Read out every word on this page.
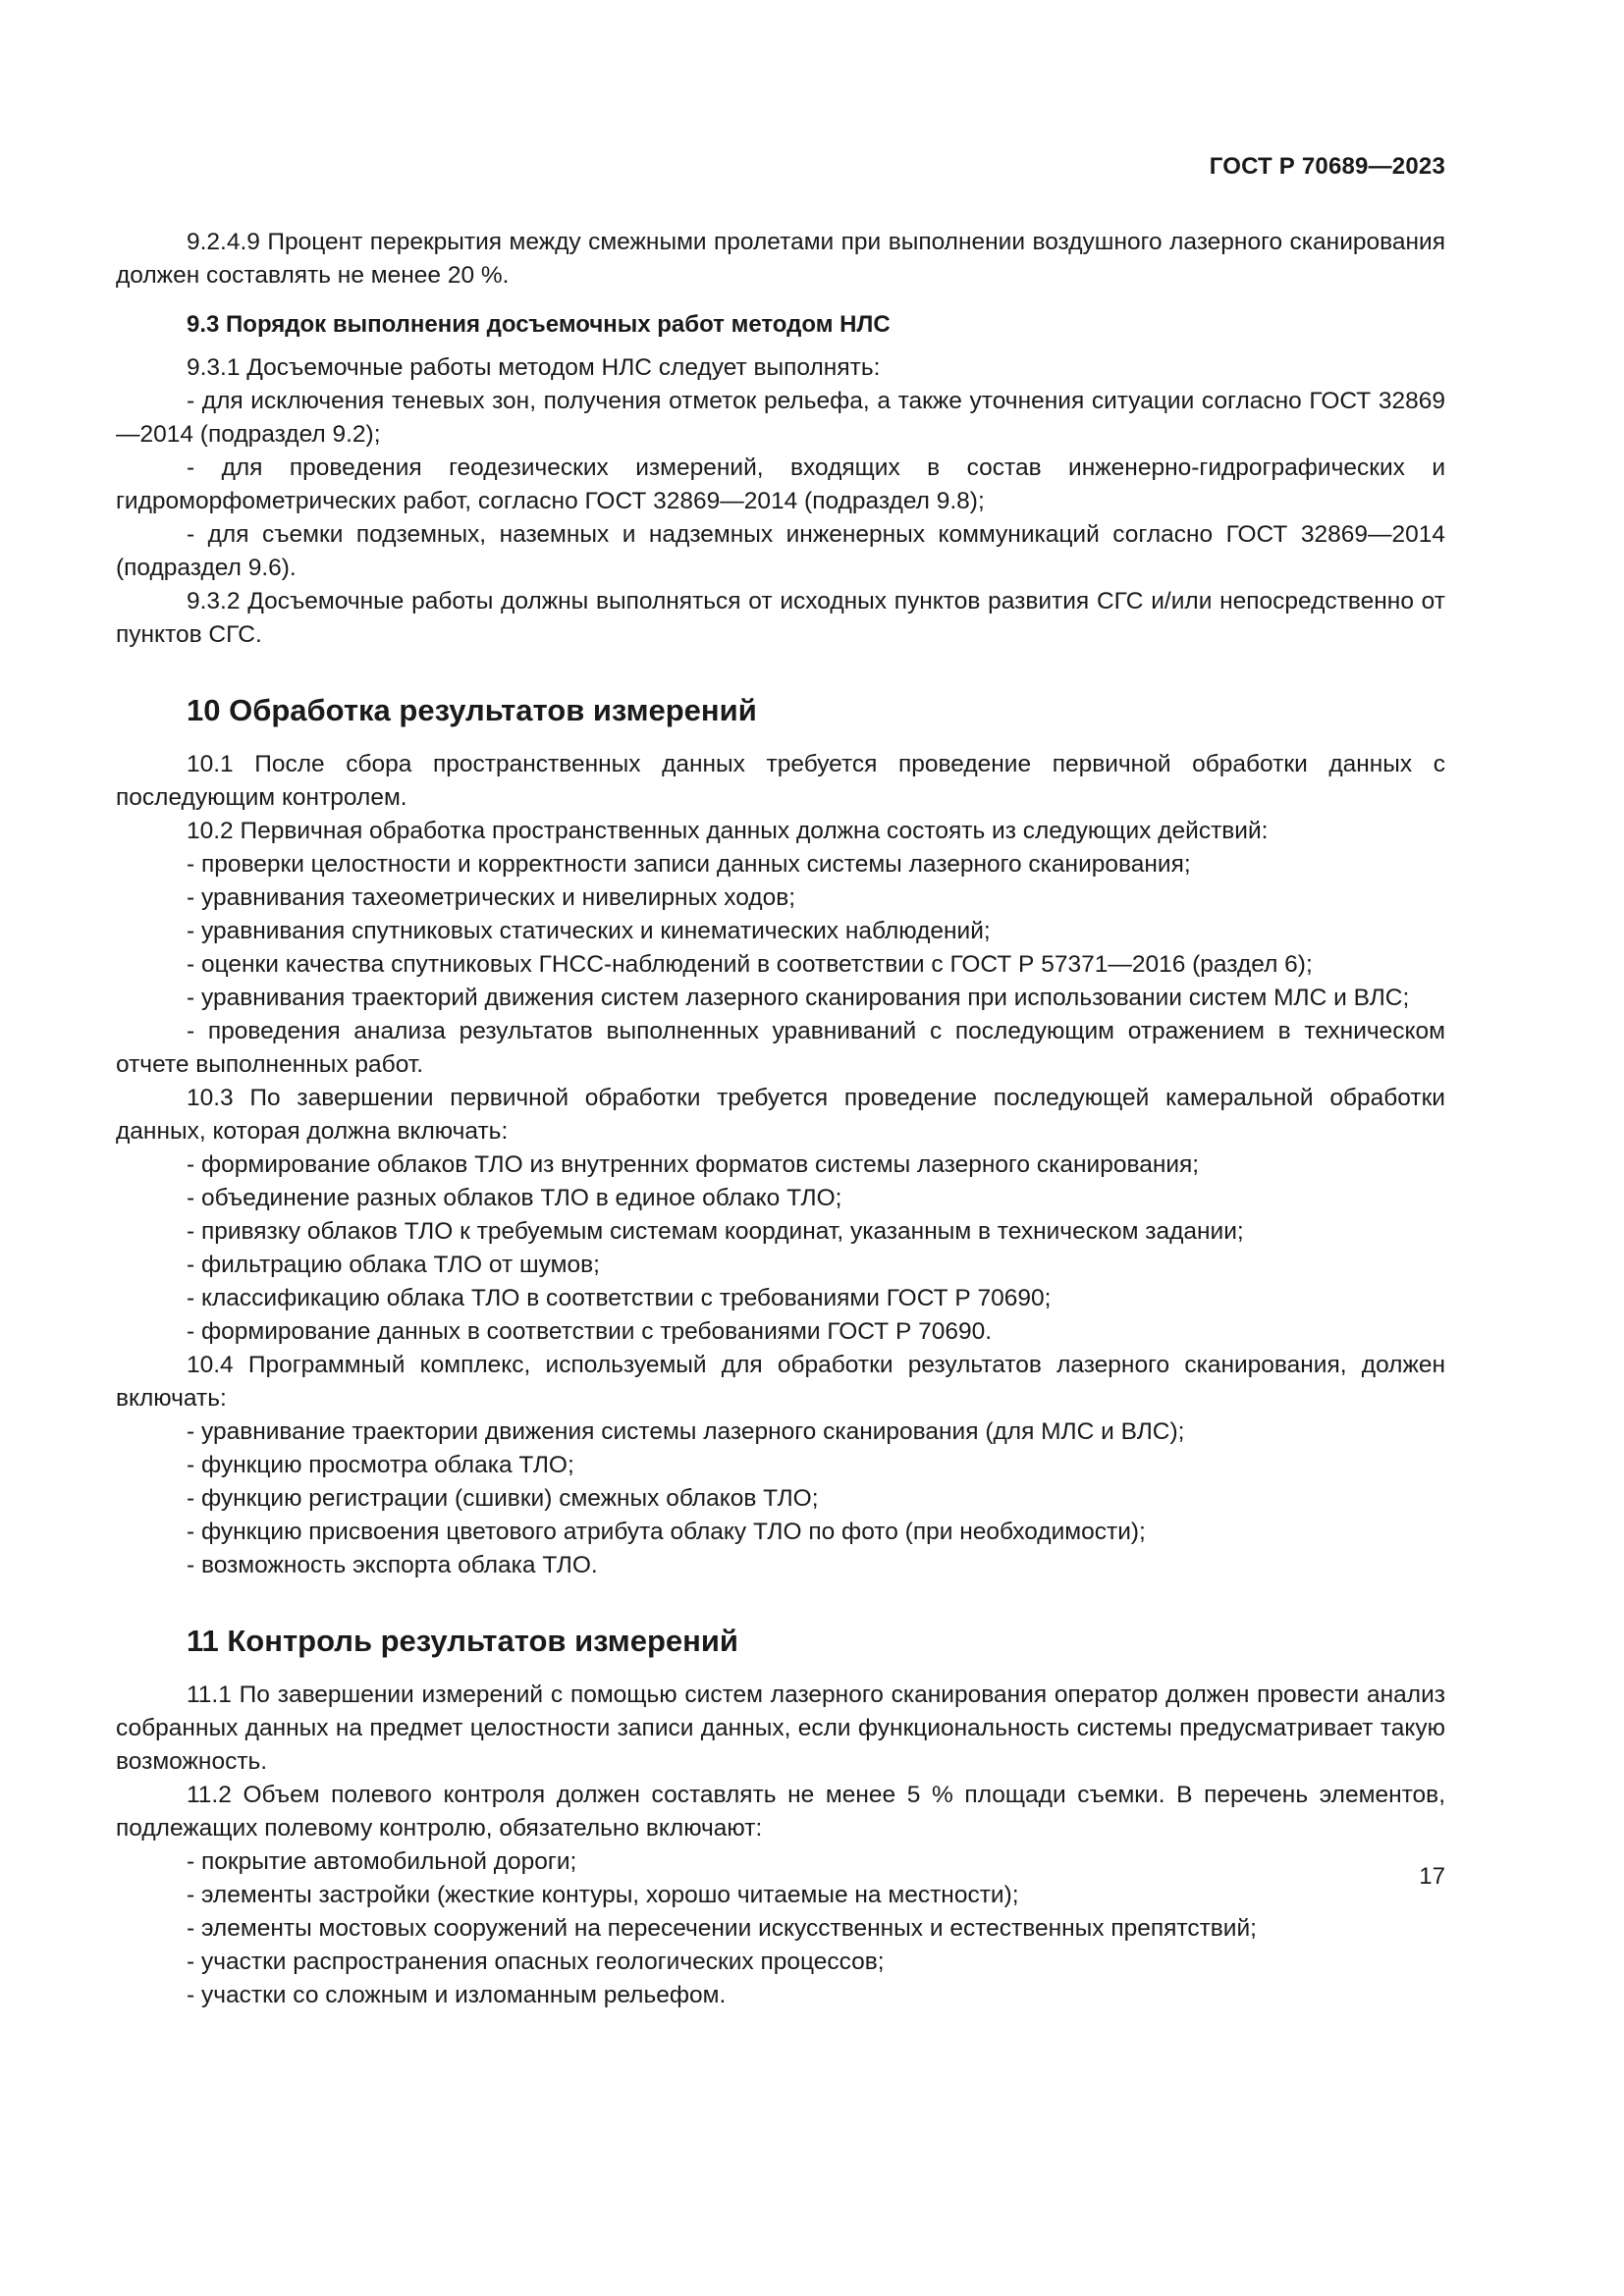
ГОСТ Р 70689—2023

9.2.4.9 Процент перекрытия между смежными пролетами при выполнении воздушного лазерного сканирования должен составлять не менее 20 %.

9.3 Порядок выполнения досъемочных работ методом НЛС

9.3.1 Досъемочные работы методом НЛС следует выполнять:

- для исключения теневых зон, получения отметок рельефа, а также уточнения ситуации согласно ГОСТ 32869—2014 (подраздел 9.2);

- для проведения геодезических измерений, входящих в состав инженерно-гидрографических и гидроморфометрических работ, согласно ГОСТ 32869—2014 (подраздел 9.8);

- для съемки подземных, наземных и надземных инженерных коммуникаций согласно ГОСТ 32869—2014 (подраздел 9.6).

9.3.2 Досъемочные работы должны выполняться от исходных пунктов развития СГС и/или непосредственно от пунктов СГС.

10 Обработка результатов измерений

10.1 После сбора пространственных данных требуется проведение первичной обработки данных с последующим контролем.

10.2 Первичная обработка пространственных данных должна состоять из следующих действий:

- проверки целостности и корректности записи данных системы лазерного сканирования;

- уравнивания тахеометрических и нивелирных ходов;

- уравнивания спутниковых статических и кинематических наблюдений;

- оценки качества спутниковых ГНСС-наблюдений в соответствии с ГОСТ Р 57371—2016 (раздел 6);

- уравнивания траекторий движения систем лазерного сканирования при использовании систем МЛС и ВЛС;

- проведения анализа результатов выполненных уравниваний с последующим отражением в техническом отчете выполненных работ.

10.3 По завершении первичной обработки требуется проведение последующей камеральной обработки данных, которая должна включать:

- формирование облаков ТЛО из внутренних форматов системы лазерного сканирования;

- объединение разных облаков ТЛО в единое облако ТЛО;

- привязку облаков ТЛО к требуемым системам координат, указанным в техническом задании;

- фильтрацию облака ТЛО от шумов;

- классификацию облака ТЛО в соответствии с требованиями ГОСТ Р 70690;

- формирование данных в соответствии с требованиями ГОСТ Р 70690.

10.4 Программный комплекс, используемый для обработки результатов лазерного сканирования, должен включать:

- уравнивание траектории движения системы лазерного сканирования (для МЛС и ВЛС);

- функцию просмотра облака ТЛО;

- функцию регистрации (сшивки) смежных облаков ТЛО;

- функцию присвоения цветового атрибута облаку ТЛО по фото (при необходимости);

- возможность экспорта облака ТЛО.

11 Контроль результатов измерений

11.1 По завершении измерений с помощью систем лазерного сканирования оператор должен провести анализ собранных данных на предмет целостности записи данных, если функциональность системы предусматривает такую возможность.

11.2 Объем полевого контроля должен составлять не менее 5 % площади съемки. В перечень элементов, подлежащих полевому контролю, обязательно включают:

- покрытие автомобильной дороги;

- элементы застройки (жесткие контуры, хорошо читаемые на местности);

- элементы мостовых сооружений на пересечении искусственных и естественных препятствий;

- участки распространения опасных геологических процессов;

- участки со сложным и изломанным рельефом.

17
